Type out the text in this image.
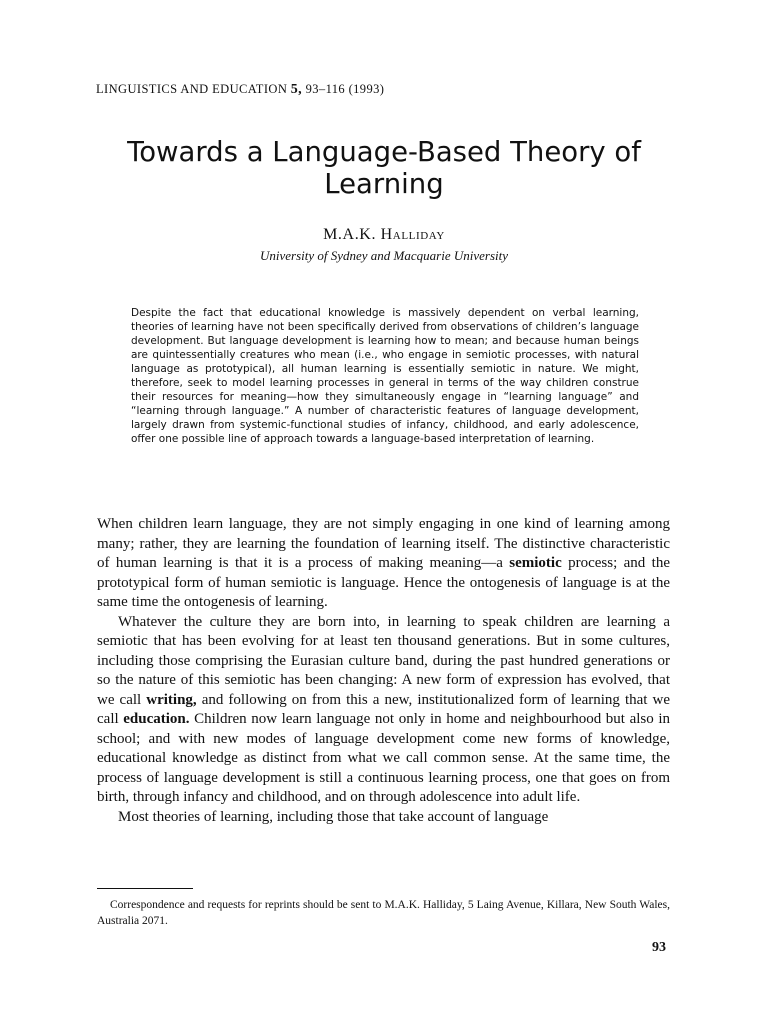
LINGUISTICS AND EDUCATION 5, 93–116 (1993)
Towards a Language-Based Theory of Learning
M.A.K. Halliday
University of Sydney and Macquarie University
Despite the fact that educational knowledge is massively dependent on verbal learning, theories of learning have not been specifically derived from observations of children’s language development. But language development is learning how to mean; and because human beings are quintessentially creatures who mean (i.e., who engage in semiotic processes, with natural language as prototypical), all human learning is essentially semiotic in nature. We might, therefore, seek to model learning processes in general in terms of the way children construe their resources for meaning—how they simultaneously engage in “learning language” and “learning through language.” A number of characteristic features of language development, largely drawn from systemic-functional studies of infancy, childhood, and early adolescence, offer one possible line of approach towards a language-based interpretation of learning.

When children learn language, they are not simply engaging in one kind of learning among many; rather, they are learning the foundation of learning itself. The distinctive characteristic of human learning is that it is a process of making meaning—a semiotic process; and the prototypical form of human semiotic is language. Hence the ontogenesis of language is at the same time the ontogenesis of learning.

Whatever the culture they are born into, in learning to speak children are learning a semiotic that has been evolving for at least ten thousand generations. But in some cultures, including those comprising the Eurasian culture band, during the past hundred generations or so the nature of this semiotic has been changing: A new form of expression has evolved, that we call writing, and following on from this a new, institutionalized form of learning that we call education. Children now learn language not only in home and neighbourhood but also in school; and with new modes of language development come new forms of knowledge, educational knowledge as distinct from what we call common sense. At the same time, the process of language development is still a continuous learning process, one that goes on from birth, through infancy and childhood, and on through adolescence into adult life.

Most theories of learning, including those that take account of language

Correspondence and requests for reprints should be sent to M.A.K. Halliday, 5 Laing Avenue, Killara, New South Wales, Australia 2071.
93
